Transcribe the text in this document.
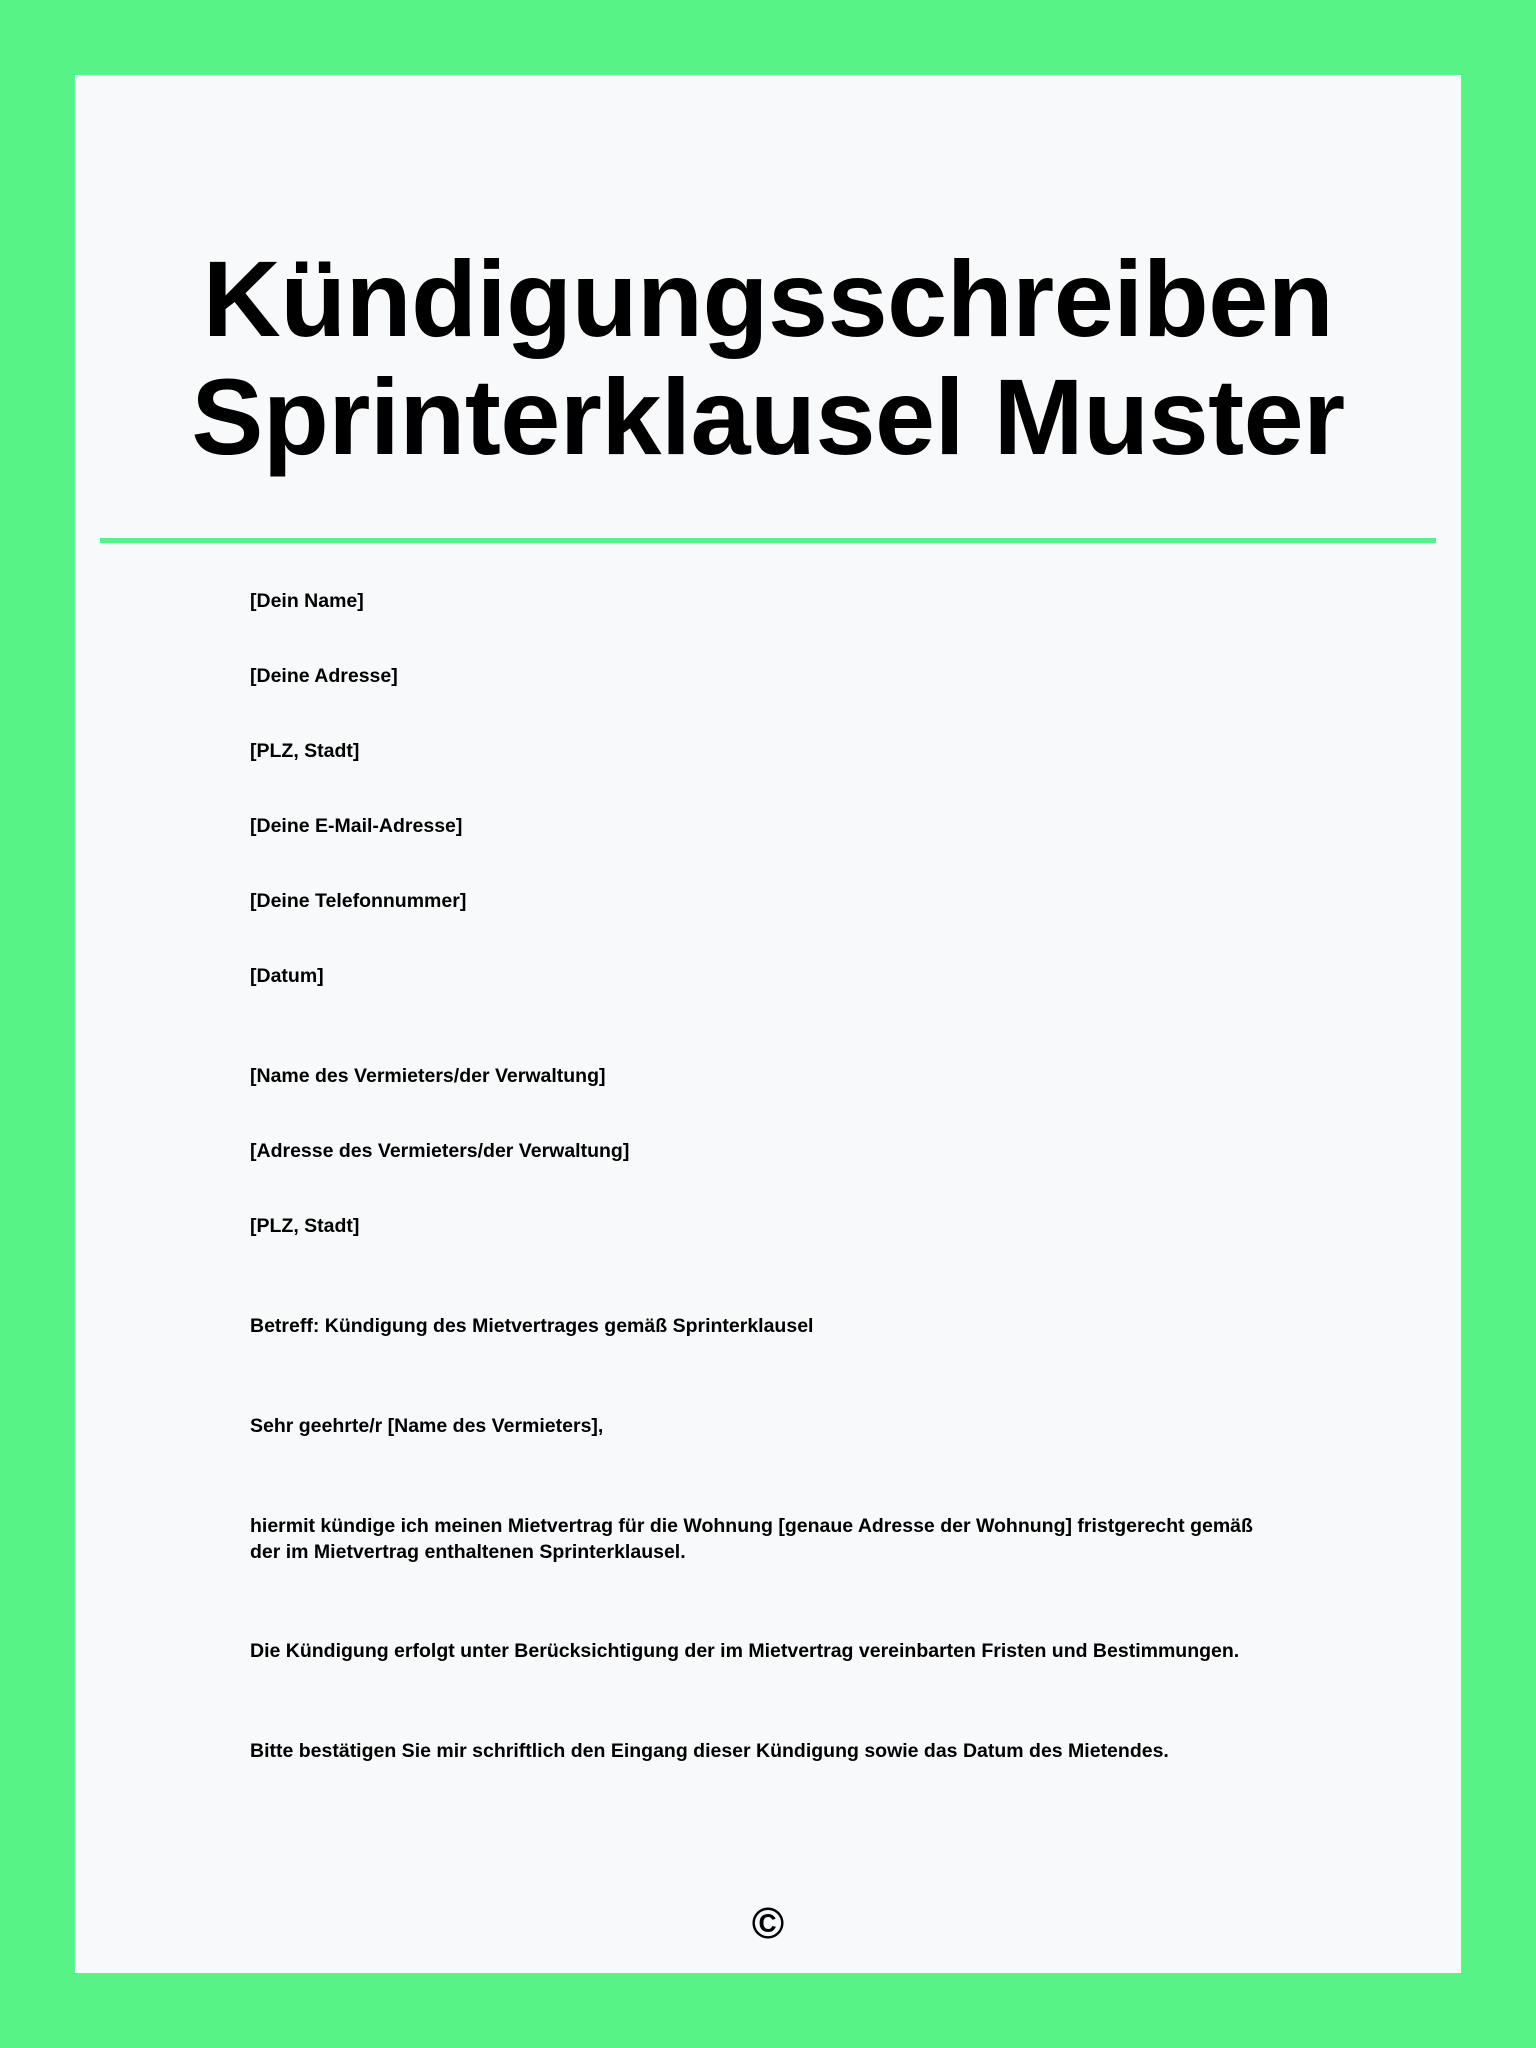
Kündigungsschreiben
Sprinterklausel Muster

[Dein Name]

[Deine Adresse]

[PLZ, Stadt]

[Deine E-Mail-Adresse]

[Deine Telefonnummer]

[Datum]

[Name des Vermieters/der Verwaltung]

[Adresse des Vermieters/der Verwaltung]

[PLZ, Stadt]

Betreff: Kündigung des Mietvertrages gemäß Sprinterklausel

Sehr geehrte/r [Name des Vermieters],

hiermit kündige ich meinen Mietvertrag für die Wohnung [genaue Adresse der Wohnung] fristgerecht gemäß der im Mietvertrag enthaltenen Sprinterklausel.

Die Kündigung erfolgt unter Berücksichtigung der im Mietvertrag vereinbarten Fristen und Bestimmungen.

Bitte bestätigen Sie mir schriftlich den Eingang dieser Kündigung sowie das Datum des Mietendes.

©
